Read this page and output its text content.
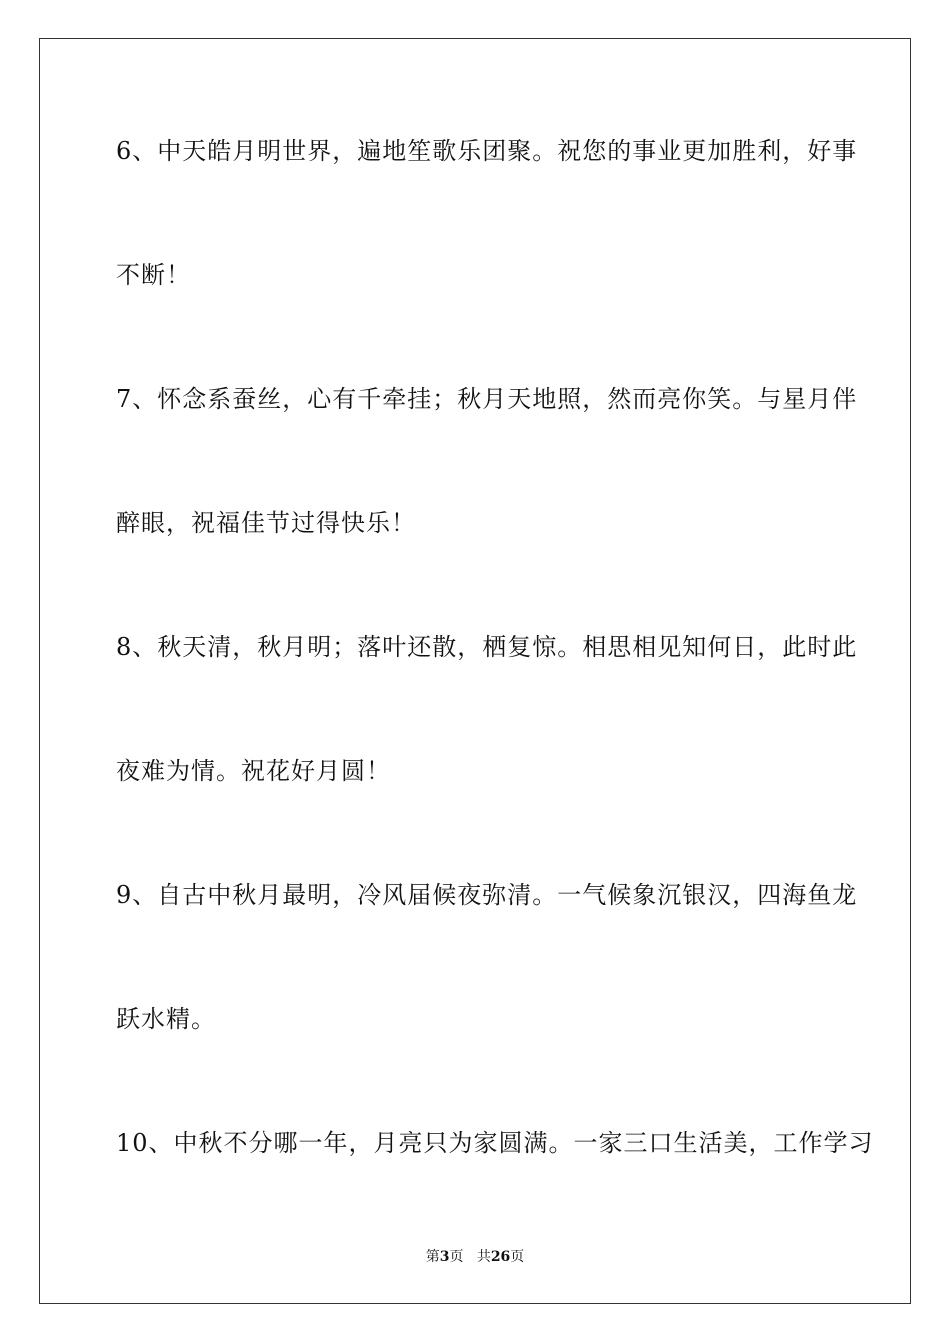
6、中天皓月明世界，遍地笙歌乐团聚。祝您的事业更加胜利，好事
不断！
7、怀念系蚕丝，心有千牵挂；秋月天地照，然而亮你笑。与星月伴
醉眼，祝福佳节过得快乐！
8、秋天清，秋月明；落叶还散，栖复惊。相思相见知何日，此时此
夜难为情。祝花好月圆！
9、自古中秋月最明，冷风届候夜弥清。一气候象沉银汉，四海鱼龙
跃水精。
10、中秋不分哪一年，月亮只为家圆满。一家三口生活美，工作学习
第3页 共26页
